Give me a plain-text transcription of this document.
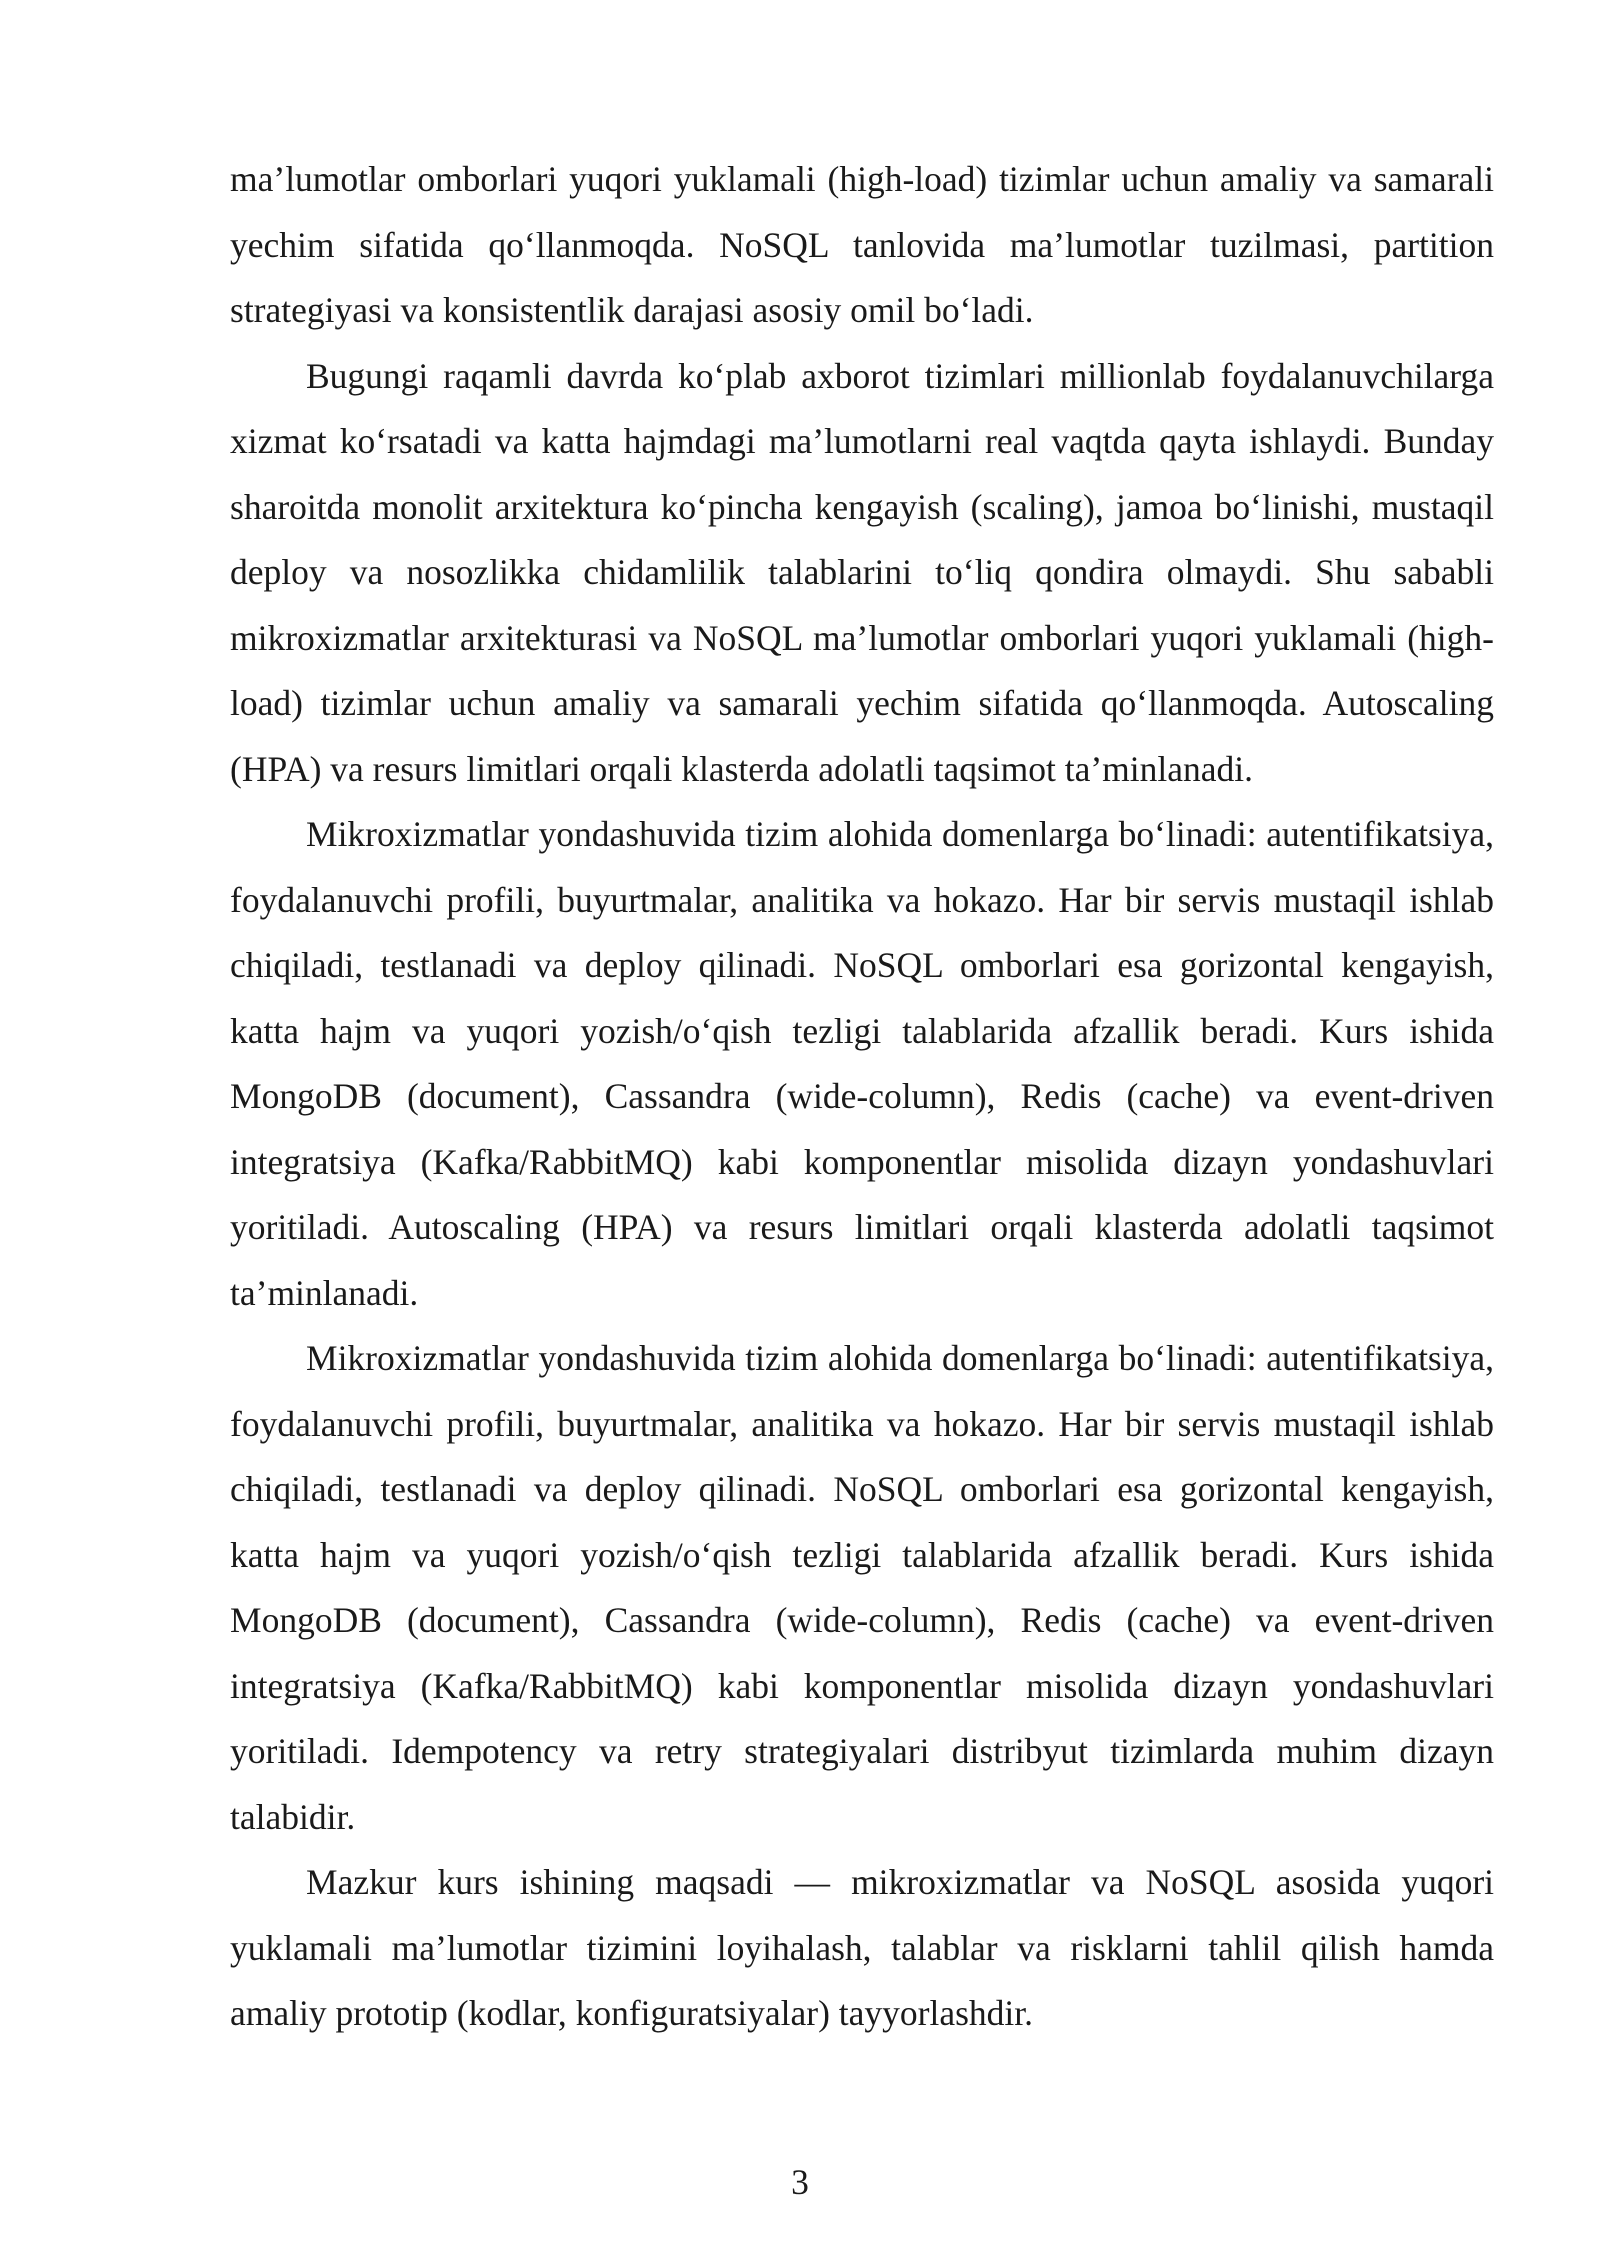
ma’lumotlar omborlari yuqori yuklamali (high-load) tizimlar uchun amaliy va samarali yechim sifatida qo‘llanmoqda. NoSQL tanlovida ma’lumotlar tuzilmasi, partition strategiyasi va konsistentlik darajasi asosiy omil bo‘ladi.

Bugungi raqamli davrda ko‘plab axborot tizimlari millionlab foydalanuvchilarga xizmat ko‘rsatadi va katta hajmdagi ma’lumotlarni real vaqtda qayta ishlaydi. Bunday sharoitda monolit arxitektura ko‘pincha kengayish (scaling), jamoa bo‘linishi, mustaqil deploy va nosozlikka chidamlilik talablarini to‘liq qondira olmaydi. Shu sababli mikroxizmatlar arxitekturasi va NoSQL ma’lumotlar omborlari yuqori yuklamali (high-load) tizimlar uchun amaliy va samarali yechim sifatida qo‘llanmoqda. Autoscaling (HPA) va resurs limitlari orqali klasterda adolatli taqsimot ta’minlanadi.

Mikroxizmatlar yondashuvida tizim alohida domenlarga bo‘linadi: autentifikatsiya, foydalanuvchi profili, buyurtmalar, analitika va hokazo. Har bir servis mustaqil ishlab chiqiladi, testlanadi va deploy qilinadi. NoSQL omborlari esa gorizontal kengayish, katta hajm va yuqori yozish/o‘qish tezligi talablarida afzallik beradi. Kurs ishida MongoDB (document), Cassandra (wide-column), Redis (cache) va event-driven integratsiya (Kafka/RabbitMQ) kabi komponentlar misolida dizayn yondashuvlari yoritiladi. Autoscaling (HPA) va resurs limitlari orqali klasterda adolatli taqsimot ta’minlanadi.

Mikroxizmatlar yondashuvida tizim alohida domenlarga bo‘linadi: autentifikatsiya, foydalanuvchi profili, buyurtmalar, analitika va hokazo. Har bir servis mustaqil ishlab chiqiladi, testlanadi va deploy qilinadi. NoSQL omborlari esa gorizontal kengayish, katta hajm va yuqori yozish/o‘qish tezligi talablarida afzallik beradi. Kurs ishida MongoDB (document), Cassandra (wide-column), Redis (cache) va event-driven integratsiya (Kafka/RabbitMQ) kabi komponentlar misolida dizayn yondashuvlari yoritiladi. Idempotency va retry strategiyalari distribyut tizimlarda muhim dizayn talabidir.

Mazkur kurs ishining maqsadi — mikroxizmatlar va NoSQL asosida yuqori yuklamali ma’lumotlar tizimini loyihalash, talablar va risklarni tahlil qilish hamda amaliy prototip (kodlar, konfiguratsiyalar) tayyorlashdir.

3
